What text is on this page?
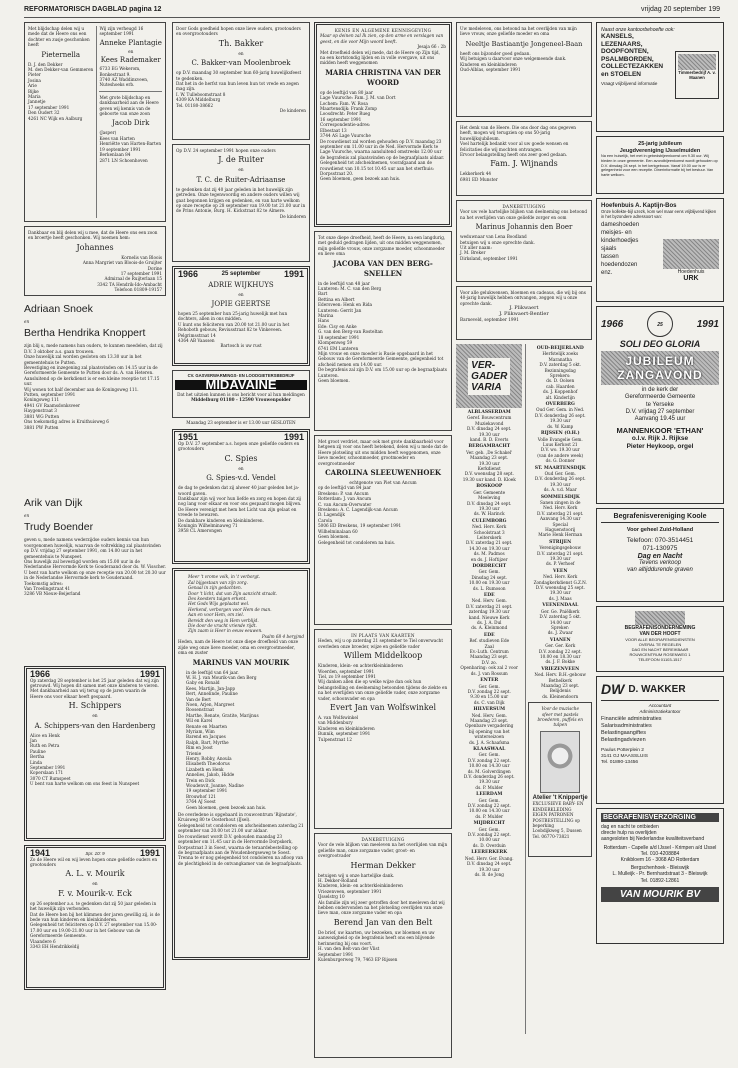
REFORMATORISCH DAGBLAD pagina 12	vrijdag 20 september 199
Met blijdschap delen wij u mede dat de Heere ons een dochter en zusje geschonken heeft
Pieternella
D. J. den Dekker
M. den Dekker-van Gemmeren
Pieter
Josina
Arie
Bijke
Maria
Jannetje
17 september 1991
Den Oudert 32
4261 NC Wijk en Aalburg
Wij zijn verheugd 16 september 1991
Anneke Plantagie
en
Kees Rademaker
6733 EG Wekerom, Bonkestraat 9.
3740 AZ Waddinxveen, Nuteshoeks erb.
Met grote blijdschap en dankbaarheid aan de Heere geven wij kennis van de geboorte van onze zoon
Jacob Dirk
(Jasper)
Kees van Harten
Henriëtte van Harten-Barten
19 september 1991
Berkenlaan 84
2871 LN Schoonhoven
Dankbaar en blij delen wij u mee, dat de Heere ons een zoon en broertje heeft geschonken. Wij noemen hem:
Johannes
Kornelis van Bloois
Anna Margriet van Bloois-de Gruijter
Dorine
17 september 1991
Admiraal de Ruijterlaan 15
3342 TA Hendrik-Ido-Ambacht
Telefoon 01809-19157
Adriaan Snoek
en
Bertha Hendrika Knoppert
zijn blij u, mede namens hun ouders, te kunnen meedelen, dat zij D.V. 3 oktober a.s. gaan trouwen.
Onze huwelijk zal worden gesloten om 13.30 uur in het gemeentehuis te Putten.
Bevestiging en inzegening zal plaatsvinden om 14.15 uur in de Gereformeerde Gemeente te Putten door ds. A. van Heteren.
Aansluitend op de kerkdienst is er een kleine receptie tot 17.15 uur.
Wij wonen tot half december aan de Koningsweg 111.
Putten, september 1991
Koningsweg 111
4941 GV Raamsdonksveer
Haygenstraat 3
3881 WG Putten
Ons toekomstig adres is Kruithuisweg 6
3881 PW Putten
Arik van Dijk
en
Trudy Boender
geven u, mede namens wederzijdse ouders kennis van hun voorgenomen huwelijk, waarvan de voltrekking zal plaatsvinden op D.V. vrijdag 27 september 1991, om 14.00 uur in het gemeentehuis te Nunspeet.
Ons huwelijk zal bevestigd worden om 15.00 uur in de Nederlandse Hervormde Kerk te Gouderaand door ds. W. Visscher.
U bent van harte welkom op onze receptie van 20.00 tot 20.30 uur in de Nederlandse Hervormde kerk te Gouderaand.
Toekomstig adres:
Van Troelingstraat 41
3286 VB Nieuw-Beijerland
1966	1991
Op zaterdag 28 september is het 25 jaar geleden dat wij zijn getrouwd. Wij hopen dit samen met onze kinderen te vieren. Met dankbaarheid aan wij terug op de jaren waarin de Heere ons voor elkaar heeft gespaard.
H. Schippers
en
A. Schippers-van den Hardenberg
Alice en Henk
Jan
Ruth en Petra
Pauline
Bertha
Linda
September 1991
Koperslaan 171
3070 CT Rumspeet
U bent van harte welkom om ons feest in Nunspeet
1941	Spr. 10: 9	1991
Zo de Heere wil en wij leven hopen onze geliefde ouders en grootouders
A. L. v. Mourik
en
F. v. Mourik-v. Eck
op 26 september a.s. te gedenken dat zij 50 jaar geleden in het huwelijk zijn verbonden.
Dat de Heere hen bij het klimmen der jaren gewillig zij, is de bede van hun kinderen en kleinkinderen.
Gelegenheid tot feliciteren op D.V. 27 september van 15.00-17.00 uur en 19.00-21.00 uur in het Gebouw van de Gereformeerde Gemeente.
Vlaandere 6
3343 EH Hendrikkeldij
Door Gods goedheid hopen onze lieve ouders, grootouders en overgrootouders
Th. Bakker
en
C. Bakker-van Moolenbroek
op D.V. maandag 30 september hun 60-jarig huwelijksfeest te gedenken.
Dat het in de herfst van hun leven hun tot vrede en zegen mag zijn.
I. W. Tulleboomstraat 8
4309 KA Middelburg
Tel. 01180-38662
De kinderen
Op D.V. 24 september 1991 hopen onze ouders
J. de Ruiter
en
T. C. de Ruiter-Adriaanse
te gedenken dat zij 40 jaar geleden in het huwelijk zijn getreden. Onze tegenwoordig en andere ouders willen wij gaat begonnen krijgen en gedenken, en van harte welkom op onze receptie op 28 september van 19.00 tot 21.00 uur in de Prins Antonie, Burg. H. Kickstraat 82 te Almere.
De kinderen
1966	25 september	1991
ADRIE WIJKHUYS
en
JOPIE GEERTSE
hopen 25 september hun 25-jarig huwelijk met hun dochters, allen in ons midden.
U kunt ons feliciteren van 20.00 tot 21.00 uur in het Rehoboth gebouw, Reviusstraat 82 te Vinkeveen.
Pelgrimsstraat 14
4364 AB Vaassen
Bartosch is uw rust
CV. GASVERWARMINGS- EN LOODGIETERSBEDRIJF
MIDAVAINE
Dat het uitzien kunnen is ons bericht voor al hun meldingen
Middelburg 01180 - 12590 Vrouwenpolder
Maandag 23 september is er 13.00 uur GESLOTEN
1951	1991
Op D.V. 27 september a.s. hopen onze geliefde ouders en grootouders
C. Spies
en
G. Spies-v.d. Vendel
de dag te gedenken dat zij alweer 40 jaar geleden het ja-woord gaven.
Dankbaar zijn wij voor hun liefde en zorg en hopen dat zij nog lang voor elkaar en voor ons gespaard mogen blijven.
De Heere verenigt met hem het Licht van zijn gelaat en vreede te bewaren.
De dankbare kinderen en kleinkinderen.
Koningin Wilhelminaweg 71
3958 CL Amerongen
Meer 't vrome volk, in 't verborgt.
Zal bijgestaan van zijn zorg.
Genaal in zijn gedachten.
Door 't licht, dat van Zijn aanzicht straalt.
Des koesters tuigen erkent.
Het Gods Wijs geplaatst wel.
Herkend, verborgen voor Hem de man.
Aan en voor Hem, om ziel.
Bereidt den weg in Hem verblijd.
Die door de vrucht vriende rijdt.
Zijn zaam is Heer in eeuw eeuwen.
Psalm 68 4 beryjmd
Heden, nam de Heere tot onze diepe droefheid van onze zijde weg onze lieve moeder, oma en overgrootmoeder, oma en zuster
MARINUS VAN MOURIK
in de leeftijd van 64 jaar.
W. H. J. van Mourik-van den Berg
Gaby en Ronald
Kees, Martijn, Jan-Japp
Bert, Annelinde, Pauline
Van de Bert
Noen, Arjen, Margreet
Roosenstraat
Marthe, Renate, Gratite, Marijnus
Wil en Karel
Renate en Maarten
Myriam, Wim
Barend en Jacques
Ralph, Bart, Myrthe
Rim en Joost
Trienie
Henry, Robby, Anoula
Elisabeth Theodorus
Lizabeth en Henk
Annelies, Jakob, Hidde
Trein en Dick
Woudenvit, Joanne, Nadine
19 september 1991
Brouwhof 121
3764 AJ Soest
Geen bloemen, geen bezoek aan huis.
De overledene is opgebaard in rouwcentrum 'Rijnstate', Kruisweg 80 te Oosterhout (IJsel).
Gelegenheid tot condoleren en afscheidnemen zaterdag 21 september van 20.00 tot 21.00 uur aldaar.
De rouwdienst wordt D.V. gehouden maandag 23 september om 11.45 uur in de Hervormde Dorpskerk, Dorpsstraat 3 in Soest, waarna de teraardebestelling op de begraafplaats aan de Woudenbergseweg te Soest.
Trenna te er nog gelegenheid tot condoleren na afloop van de plechtigheid in de ontvangkamer van de begraafplaats.
KENIS EN ALGEMENE KENNISGEVING
Maar op deinen zal Ik zien, op den arme en verslagen van geest, en die voor Mijn woord beeft.
Jesaja 66 : 2b
Met droefheid delen wij mede, dat de Heere op Zijn tijd, na een kortstondig lijden en in volle overgave, uit ons midden heeft weggenomen
MARIA CHRISTINA VAN DER WOORD
op de leeftijd van 80 jaar
Lage Vuursche: Fam. J. M. van Dort
Lochem: Fam. W. Rosa
Maartensdijk: Frank Zomp
Loosdrecht: Peter Rueg
16 september 1991
Correspondentie-adres:
Elbestaat 13
3744 AS Lage Vuursche
De rouwdienst zal worden gehouden op D.V. maandag 23 september om 11.00 uur in de Ned. Hervormde Kerk te Lage Vuursche, waarna aansluitend omstreeks 12.00 uur de begrafenis zal plaatsvinden op de begraafplaats aldaar.
Gelegenheid tot afscheidnemen, voorafgaand aan de rouwdienst van 10.15 tot 10.45 uur aan het sterfhuis: Dorpsstraat 20.
Geen bloemen, geen bezoek aan huis.
Tot onze diepe droefheid, heeft de Heere, na een langdurig, met geduld gedragen lijden, uit ons midden weggenomen, mijn geliefde vrouw, onze zorgzame moeder, schoonmoeder en lieve oma
JACOBA VAN DEN BERG-SNELLEN
in de leeftijd van 48 jaar
Lunteren: M. C. van den Berg
Bart
Bettina en Albert
Edersveen: Henk en Rida
Lunteren: Gerrit Jan
Marina
Hans
Ede: Cisy en Anke
G. van den Berg-van Rosteltan
18 september 1991
Klompenweg 59
6741 EM Lunteren
Mijn vrouw en onze moeder is Rusie opgebaard in het Gebouw van de Gereformeerde Gemeente, gelegenheid tot afscheid nemen om 14.00 uur.
De begrafenis zal zijn D.V. om 15.00 uur op de begraafplaats Lunteren.
Geen bloemen.
Met groot verdriet, maar ook met grote dankbaarheid voor hetgeen zij voor ons heeft betekend, delen wij u mede dat de Heere plotseling uit ons midden heeft weggenomen, onze lieve moeder, schoonmoeder, grootmoeder en overgrootmoeder
CAROLINA SLEEUWENHOEK
echtgenote van Piet van Ancum
op de leeftijd van 84 jaar
Breskens: P. van Ancum
Rotterdam: J. van Ancum
C. van Ancum-Overwater
Breskens: A. C. Lagendijk-van Ancum
D. Lagendijk
Carola
5006 ED Breskens, 19 september 1991
Wilhelminalaan 60
Geen bloemen.
Gelegenheid tot condoleren na huis.
IN PLAATS VAN KAARTEN
Heden, wij u op zaterdag 21 september te Tiel onverwacht overleden onze broeder, wijze en geliefde vader
Willem Middelkoop
Kinderen, klein- en achterkleinkinderen
Woerden, september 1991
Tiel, zo 19 september 1991
Wij danken allen die op welke wijze dan ook hun belangstelling en deelneming betoonden tijdens de ziekte en na het overlijden van onze geliefde vader, onze zorgzame vader, schoonvader en opa
Evert Jan van Wolfswinkel
A. van Wolfswinkel
van Middenbury
Kinderen en kleinkinderen
Bunnik, september 1991
Tulpenstraat 12
DANKBETUIGING
Voor de vele blijken van meeleven na het overlijden van mijn geliefde man, onze zorgzame vader, groot- en overgrootvader
Herman Dekker
betuigen wij u onze hartelijke dank.
H. Dekker-Rolland
Kinderen, klein- en achterkleinkinderen
Vriezenveen, september 1991
IJsselstrg 10
Als familie zijn wij zeer getroffen door het meeleven dat wij hebben ondervonden na het plotseling overlijden van onze lieve man, onze zorgzame vader en opa
Berend Jan van den Belt
De brief, uw kaarten, uw bezoeken, uw bloemen en uw aanwezigheid op de begrafenis heeft ons een blijvende herinnering bij ons voort.
H. van den Belt-van der Vlist
September 1991
Kulenburgerweg 79, 7463 EP Rijssen
Uw medeleven, ons betoond na het overlijden van mijn lieve vrouw, onze geliefde moeder en oma
Neeltje Bastiaantje Jongeneel-Baan
heeft ons bijzonder goed gedaan.
Wij betuigen u daarvoor onze welgemeende dank.
Kinderen en kleinkinderen
Oud-Alblas, september 1991
Het denk van de Heere. Die ons door dag ons gegeven heeft, mogen wij terugzien op ons 50-jarig huwelijksjubileum.
Voel hartelijk bedankt voor al uw goede wensen en felicitaties die wij mochten ontvangen.
Ervoor belangstelling heeft ons zeer goed gedaan.
Fam. J. Wijnands
Lekkerkerk 44
6981 ED Munster
DANKBETUIGING
Voor uw vele hartelijke blijken van deelneming ons betoond na het overlijden van onze geliefde zorger en oom
Marinus Johannis den Boer
weduwnaar van Lena Boodland
betuigen wij u onze oprechte dank.
Uit aller naam:
J. M. Breker
Dirksland, september 1991
Voor alle gelukwensen, bloemen en cadeaus, die wij bij ons 40-jarig huwelijk hebben ontvangen, zeggen wij u onze oprechte dank.
J. Plikwaert
J. Plikwaert-Bentler
Barneveld, september 1991
VER-
GADER
VARIA
ALBLASSERDAM
Geref. Bouwcentrum
Muziekavond
D.V. dinsdag 24 sept.
19.30 uur
kand. B. D. Everts
BERGAMBACHT
Ver. geb. ,De Schakel'
Maandag 23 sept.
19.30 uur
Kerkdienst
D.V. woensdag 28 sept.
19.30 uur kand. D. Kloek
BOSKOOP
Ger. Gemeente
Meeleving
D.V. dinsdag 24 sept.
19.30 uur
ds. W. Harinck
CULEMBORG
Ned. Herv. Kerk
Schoolstraat 3
Leiterskerk
D.V. zaterdag 21 sept.
14.30 en 19.30 uur
ds. M. Padmos
en ds. J. Hoftijzer
DORDRECHT
Ger. Gem.
Dinsdag 24 sept.
10.00 en 19.30 uur
ds. L. Rumoson
EDE
Ned. Herv. Gem.
D.V. zaterdag 21 sept.
zaterdag 19.30 uur
kand. Nieuwe Kerk
ds. J. A. Dul
ds. A. Kleinmond
EDE
Ref. studieven Ede
Zaal
Ev.-Luth. Centrum
Maandag 23 sept.
D.V. zo.
Openbaring: ook zal 2 voor
ds. J. van Rossum
ENTER
Ger. Gem.
D.V. zondag 22 sept.
9.30 en 15.00 uur
ds. C. van Dijk
HILVERSUM
Ned. Herv. Gem.
Maandag 23 sept.
Openbare vergadering
bij opening van het
winterseizoen
ds. J. A. Schaafsma
KLAASWAAL
Ger. Gem.
D.V. zondag 22 sept.
10.00 en 14.30 uur
ds. M. Golverdingen
D.V. donderdag 26 sept.
19.30 uur
ds. P. Mulder
LEERDAM
Ger. Gem.
D.V. zondag 22 sept.
10.00 en 14.30 uur
ds. P. Mulder
MIJDRECHT
Ger. Gem.
D.V. zondag 22 sept.
10.00 uur
ds. D. Overduin
LEERERKERK
Ned. Herv. Ger. Evang.
D.V. dinsdag 24 sept.
19.30 uur
ds. B. de Jong
OUD-BEIJERLAND
Herfstelijk zoeks
Maranatha
D.V. zaterdag 5 okt.
Bezinningsdag
Sprekers:
ds. D. Oolsen
cab. Haarden
ds. J. Koppenhof
alt. Kinderlijn
OVERBERG
Oud Ger. Gem. in Ned.
D.V. donderdag 26 sept.
19.30 uur
ds. W. Kamp
RIJSSEN (O.H.)
Volle Evangelie Gem.
Luus Kerkost 21
D.V. wo. 19.30 uur
(van de andere week)
ds. G. Donner
ST. MAARTENSDIJK
Oud Ger. Gem.
D.V. donderdag 26 sept.
19.30 uur
ds. A. v.d. Maar
SOMMELSDIJK
Sanen zingen in de
Ned. Herv. Kerk
D.V. zaterdag 21 sept.
Aanvang 14.30 uur
Special
Haguenstoorij
Marie Henk Herman
STRIJEN
Verenigingsgebouw
D.V. zaterdag 21 sept.
19.30 uur
ds. P. Verhoef
VEEN
Ned. Herv. Kerk
Zondagkerkdienst G.Z.N.
D.V. woensdag 25 sept.
19.30 uur
ds. J. Maas
VEENENDAAL
Ger. Ge. Pniëlkerk
D.V. zaterdag 5 okt.
14.00 uur
Spreker:
ds. J. Zwaar
VIANEN
Ger. Ger. Kerk
D.V. zondag 22 sept.
10.00 en 18.30 uur
ds. J. F. Bokke
VRIEZENVEEN
Ned. Herv. B.H.-gebouw
Bethelkerk
Maandag 23 sept.
Belijdenis
ds. Kleinendoorn
Voor de muzische
sfeer met pastels
broederen, puffels en tulpen
Atelier 't Knippertje
EXCLUSIEVE BABY- EN KINDERKLEDING
EIGEN PATRONEN
POSTBESTELLING op beperking
Loobdijkweg 5, Dussen
Tel. 06770-73821
Naast onze kantoorbehoefte ook:
KANSELS,
LEZENAARS,
DOOPFONTEN,
PSALMBORDEN,
COLLECTEZAKKEN
en STOELEN
Vraagt vrijblijvend informatie
Timmerbedrijf A. v. Maanen
25-jarig jubileum
Jeugdvereniging IJsselmuiden
Na een huiselijk, het met in gebedsbijeenkomst om 9.30 uur. Wij bieden in onze gemeente. Een avondbijeenkomst wordt gehouden op D.V. dinsdag 24 sept. in het kerkgebouw. Vanaf 19.00 uur is er gelegenheid voor een receptie. Dinerinformatie bij het bestuur. Van harte welkom.
Hoefenbuis A. Kaptijn-Bos
Onze kollekte-bijl uzezk, kom wel maar eens vrijblijvend kijken in het byzondere adressoort van:
dameshoeden
meisjes- en
kinderhoedjes
sjaals
tassen
hoedendozen
enz.	Hoedenhuis
URK
1966	25	1991
SOLI DEO GLORIA
JUBILEUM
ZANGAVOND
in de kerk der
Gereformeerde Gemeente
te Yerseke
D.V. vrijdag 27 september
Aanvang 19.45 uur
MANNENKOOR 'ETHAN'
o.l.v. Rijk J. Rijkse
Pieter Heykoop, orgel
Begrafenisvereniging Koole
Voor geheel Zuid-Holland
Telefoon: 070-3514451
071-130975
Dag en Nacht
Tevens verkoop
van altijddurende graven
BEGRAFENISONDERNEMING
VAN DER HOOFT
VOOR ALLE BEGRAFENISDIENSTEN
OVERAL TE REGELEN
DAG EN NACHT BEREIKBAAR
ROUWCENTRUM ROSENWEG 1
TELEFOON 01103-1517
DW D. WAKKER
Accountant
Administratiekantoor
Financiële administraties
Salarisadministraties
Belastingaangiftes
Belastingadviezen
Paulus Potterplein 2
3141 GJ MAASSLUIS
Tel. 01890-13456
BEGRAFENISVERZORGING
dag en nacht te ontbieden
directe hulp na overlijden
aangesloten bij Nederlandse kwaliteitsverband
Rotterdam - Capelle a/d IJssel - Krimpen a/d IJssel
Tel. 010-4208884
Knikbloem 16 - 3068 AD Rotterdam
Bergschenhoek - Bleiswijk
L. Mulleijk - Pr. Bernhardstraat 3 - Bleiswijk
Tel. 01892-12861
VAN MOURIK BV
